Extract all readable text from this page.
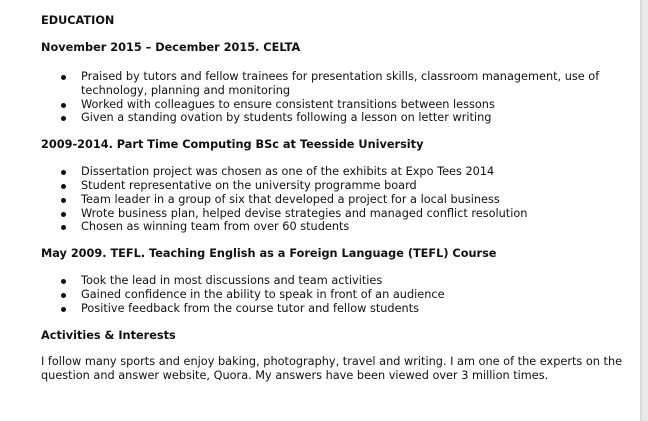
EDUCATION
November 2015 – December 2015. CELTA
Praised by tutors and fellow trainees for presentation skills, classroom management, use of technology, planning and monitoring
Worked with colleagues to ensure consistent transitions between lessons
Given a standing ovation by students following a lesson on letter writing
2009-2014. Part Time Computing BSc at Teesside University
Dissertation project was chosen as one of the exhibits at Expo Tees 2014
Student representative on the university programme board
Team leader in a group of six that developed a project for a local business
Wrote business plan, helped devise strategies and managed conflict resolution
Chosen as winning team from over 60 students
May 2009. TEFL. Teaching English as a Foreign Language (TEFL) Course
Took the lead in most discussions and team activities
Gained confidence in the ability to speak in front of an audience
Positive feedback from the course tutor and fellow students
Activities & Interests

I follow many sports and enjoy baking, photography, travel and writing. I am one of the experts on the question and answer website, Quora. My answers have been viewed over 3 million times.
